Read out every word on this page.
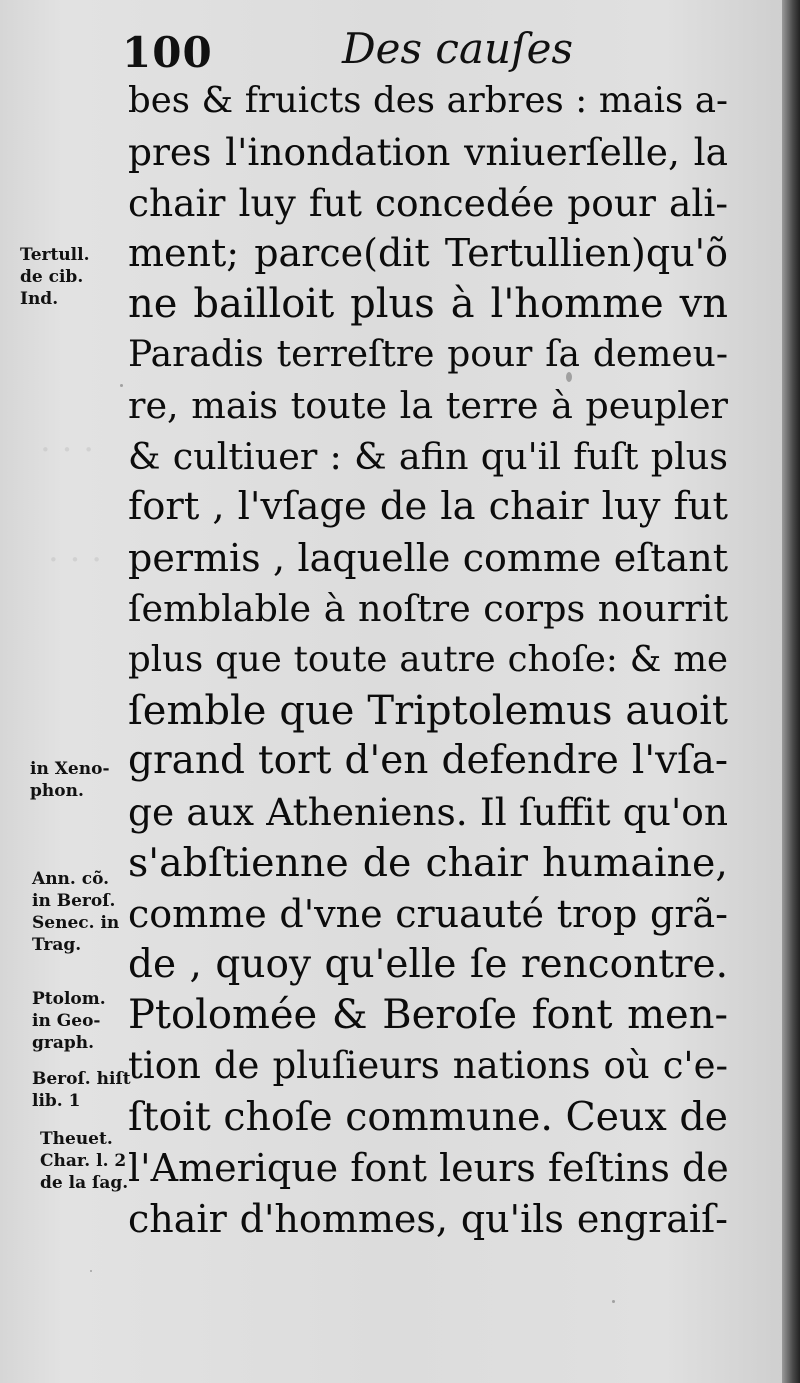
· · ·
· · ·
100	Des cauſes
bes & fruicts des arbres : mais a-
pres l'inondation vniuerſelle, la
chair luy fut concedée pour ali-
ment; parce(dit Tertullien)qu'õ
ne bailloit plus à l'homme vn
Paradis terreſtre pour ſa demeu-
re, mais toute la terre à peupler
& cultiuer : & afin qu'il fuſt plus
fort , l'vſage de la chair luy fut
permis , laquelle comme eſtant
ſemblable à noſtre corps nourrit
plus que toute autre choſe: & me
ſemble que Triptolemus auoit
grand tort d'en defendre l'vſa-
ge aux Atheniens. Il ſuffit qu'on
s'abſtienne de chair humaine,
comme d'vne cruauté trop grã-
de , quoy qu'elle ſe rencontre.
Ptolomée & Beroſe font men-
tion de pluſieurs nations où c'e-
ſtoit choſe commune. Ceux de
l'Amerique font leurs feſtins de
chair d'hommes, qu'ils engraiſ-
Tertull.
de cib.
Ind.
in Xeno-
phon.
Ann. cõ.
in Beroſ.
Senec. in
Trag.
Ptolom.
in Geo-
graph.
Beroſ. hiſt
lib. 1
Theuet.
Char. l. 2
de la ſag.
